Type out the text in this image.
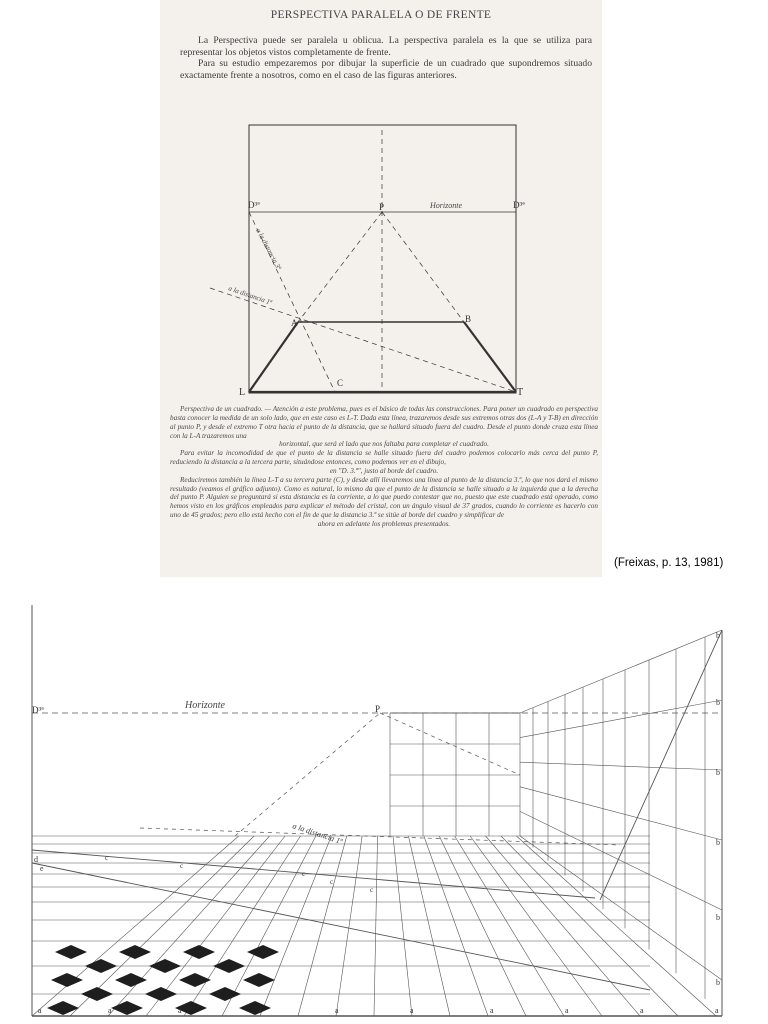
PERSPECTIVA PARALELA O DE FRENTE

La Perspectiva puede ser paralela u oblicua. La perspectiva paralela es la que se utiliza para representar los objetos vistos completamente de frente.

Para su estudio empezaremos por dibujar la superficie de un cuadrado que supondremos situado exactamente frente a nosotros, como en el caso de las figuras anteriores.

D³ª	P	Horizonte	D³ª
a la distancia 3ª
a la distancia 1ª
A	B
L
C
T

Perspectiva de un cuadrado. — Atención a este problema, pues es el básico de todas las construcciones. Para poner un cuadrado en perspectiva basta conocer la medida de un solo lado, que en este caso es L-T. Dada esta línea, trazaremos desde sus extremos otras dos (L-A y T-B) en dirección al punto P, y desde el extremo T otra hacia el punto de la distancia, que se hallará situado fuera del cuadro. Desde el punto donde cruza esta línea con la L-A trazaremos una

horizontal, que será el lado que nos faltaba para completar el cuadrado.

Para evitar la incomodidad de que el punto de la distancia se halle situado fuera del cuadro podemos colocarlo más cerca del punto P, reduciendo la distancia a la tercera parte, situándose entonces, como podemos ver en el dibujo,

en "D. 3.ª", justo al borde del cuadro.

Reduciremos también la línea L-T a su tercera parte (C), y desde allí llevaremos una línea al punto de la distancia 3.ª, lo que nos dará el mismo resultado (veamos el gráfico adjunto). Como es natural, lo mismo da que el punto de la distancia se halle situado a la izquierda que a la derecha del punto P. Alguien se preguntará si esta distancia es la corriente, a lo que puedo contestar que no, puesto que este cuadrado está operado, como hemos visto en los gráficos empleados para explicar el método del cristal, con un ángulo visual de 37 grados, cuando lo corriente es hacerlo con uno de 45 grados; pero ello está hecho con el fin de que la distancia 3.ª se sitúe al borde del cuadro y simplificar de

ahora en adelante los problemas presentados.

(Freixas, p. 13, 1981)
a	a	a	a	a	a	a	a	a	a
c
c
c
c
c
d
e
b
b
b
b
b
b
D³ª	Horizonte	P
a la distancia 1ª
